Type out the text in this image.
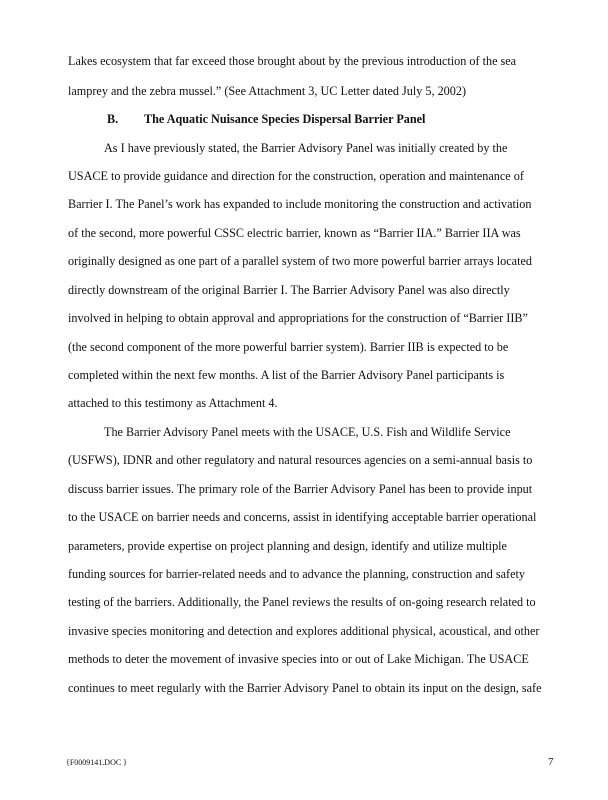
Lakes ecosystem that far exceed those brought about by the previous introduction of the sea
lamprey and the zebra mussel.” (See Attachment 3, UC Letter dated July 5, 2002)
B. The Aquatic Nuisance Species Dispersal Barrier Panel
As I have previously stated, the Barrier Advisory Panel was initially created by the
USACE to provide guidance and direction for the construction, operation and maintenance of
Barrier I. The Panel’s work has expanded to include monitoring the construction and activation
of the second, more powerful CSSC electric barrier, known as “Barrier IIA.” Barrier IIA was
originally designed as one part of a parallel system of two more powerful barrier arrays located
directly downstream of the original Barrier I. The Barrier Advisory Panel was also directly
involved in helping to obtain approval and appropriations for the construction of “Barrier IIB”
(the second component of the more powerful barrier system). Barrier IIB is expected to be
completed within the next few months. A list of the Barrier Advisory Panel participants is
attached to this testimony as Attachment 4.
The Barrier Advisory Panel meets with the USACE, U.S. Fish and Wildlife Service
(USFWS), IDNR and other regulatory and natural resources agencies on a semi-annual basis to
discuss barrier issues. The primary role of the Barrier Advisory Panel has been to provide input
to the USACE on barrier needs and concerns, assist in identifying acceptable barrier operational
parameters, provide expertise on project planning and design, identify and utilize multiple
funding sources for barrier-related needs and to advance the planning, construction and safety
testing of the barriers. Additionally, the Panel reviews the results of on-going research related to
invasive species monitoring and detection and explores additional physical, acoustical, and other
methods to deter the movement of invasive species into or out of Lake Michigan. The USACE
continues to meet regularly with the Barrier Advisory Panel to obtain its input on the design, safe
{F0009141.DOC }	7
